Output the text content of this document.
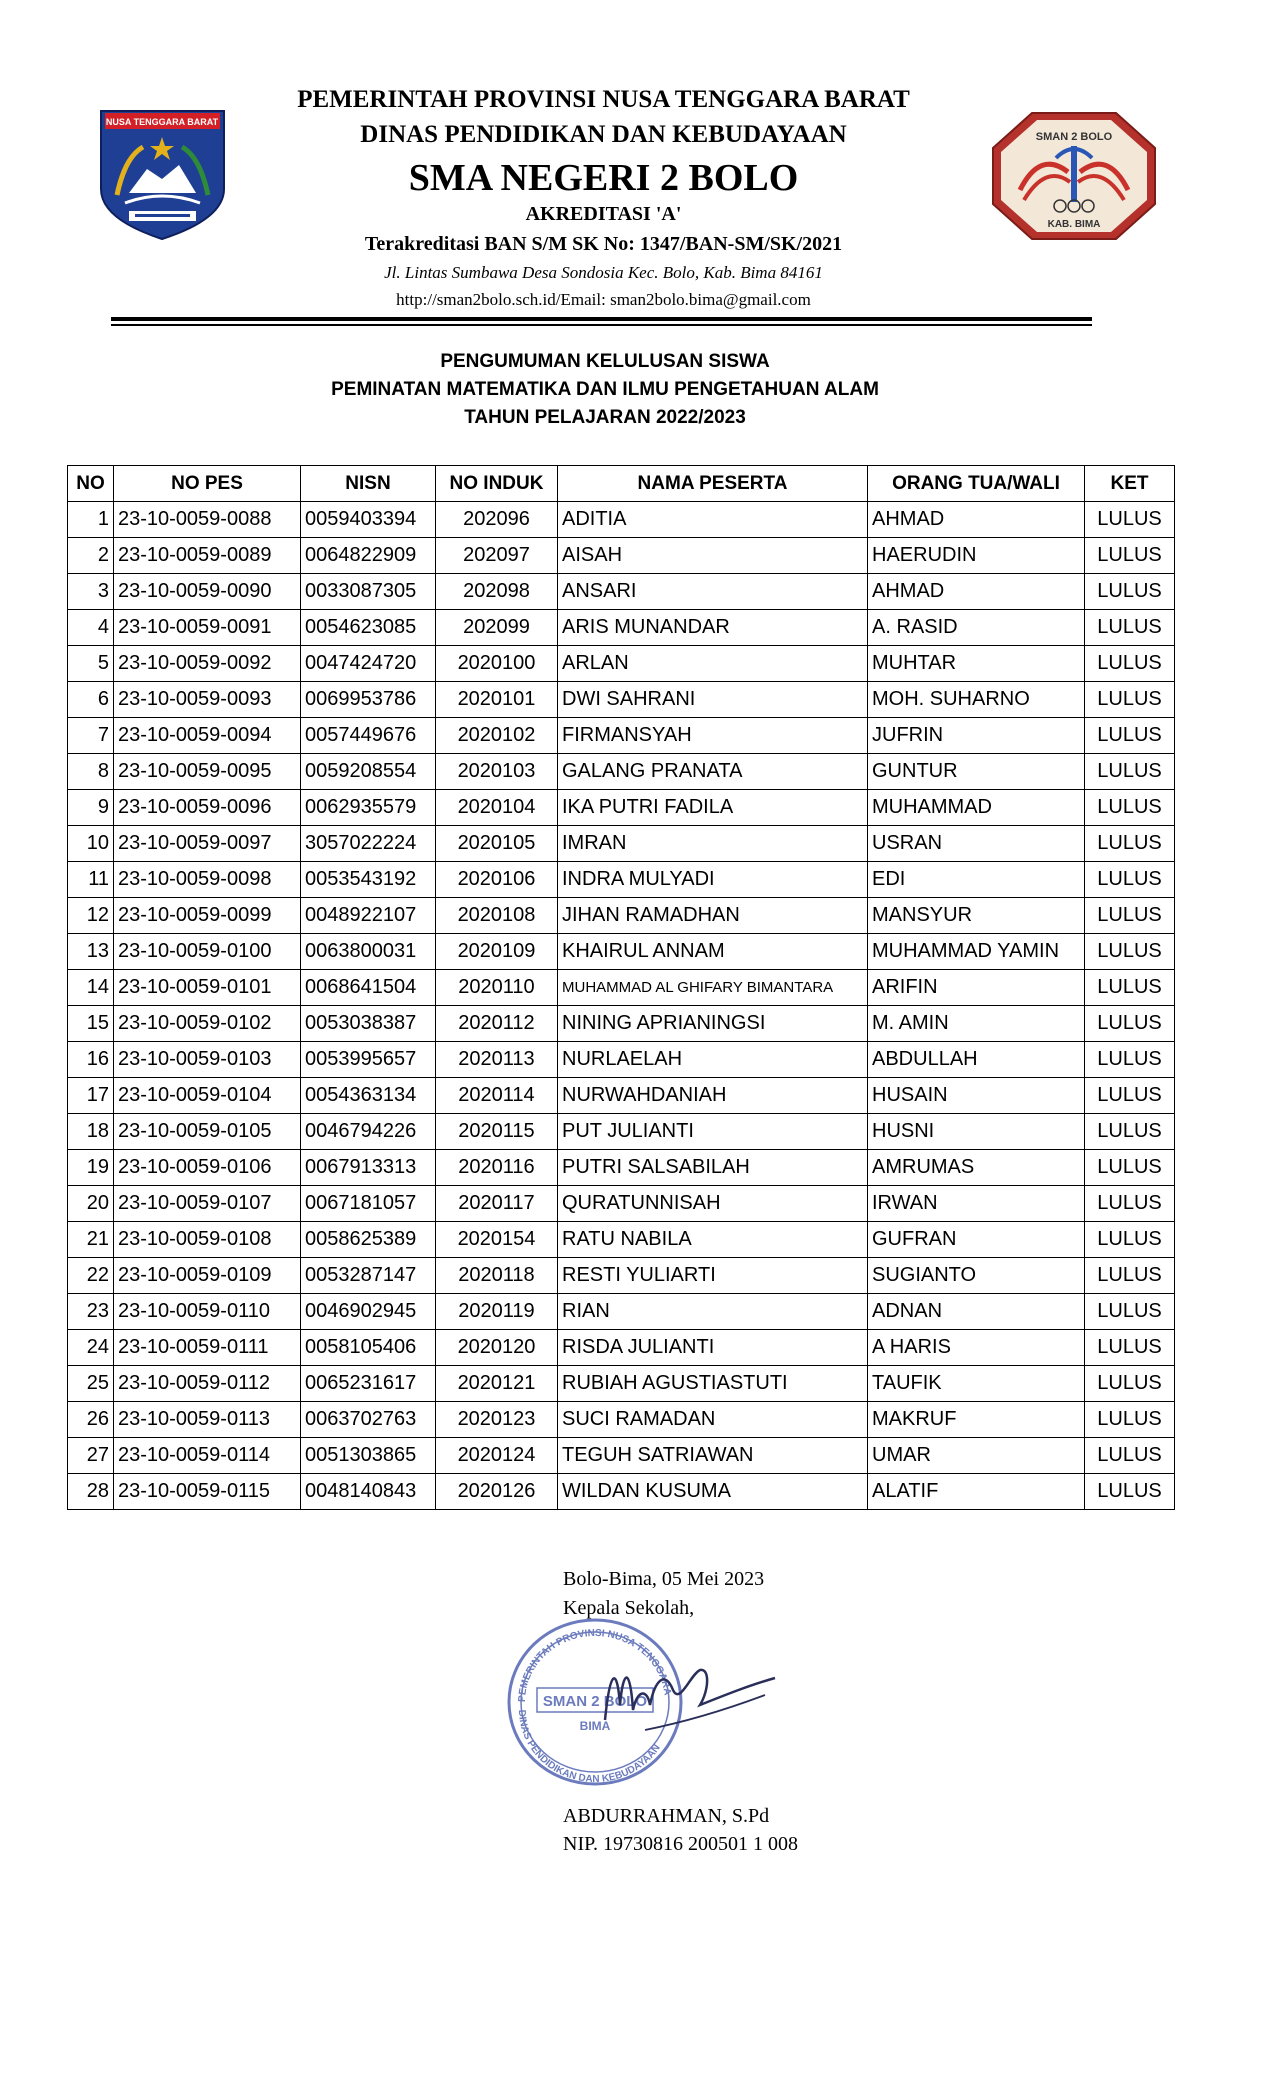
NUSA TENGGARA BARAT
SMAN 2 BOLO
KAB. BIMA
PEMERINTAH PROVINSI NUSA TENGGARA BARAT
DINAS PENDIDIKAN DAN KEBUDAYAAN
SMA NEGERI 2 BOLO
AKREDITASI 'A'
Terakreditasi BAN S/M SK No: 1347/BAN-SM/SK/2021
Jl. Lintas Sumbawa Desa Sondosia Kec. Bolo, Kab. Bima 84161
http://sman2bolo.sch.id/Email: sman2bolo.bima@gmail.com
PENGUMUMAN KELULUSAN SISWA
PEMINATAN MATEMATIKA DAN ILMU PENGETAHUAN ALAM
TAHUN PELAJARAN 2022/2023
NO	NO PES	NISN	NO INDUK	NAMA PESERTA	ORANG TUA/WALI	KET
1	23-10-0059-0088	0059403394	202096	ADITIA	AHMAD	LULUS
2	23-10-0059-0089	0064822909	202097	AISAH	HAERUDIN	LULUS
3	23-10-0059-0090	0033087305	202098	ANSARI	AHMAD	LULUS
4	23-10-0059-0091	0054623085	202099	ARIS MUNANDAR	A. RASID	LULUS
5	23-10-0059-0092	0047424720	2020100	ARLAN	MUHTAR	LULUS
6	23-10-0059-0093	0069953786	2020101	DWI SAHRANI	MOH. SUHARNO	LULUS
7	23-10-0059-0094	0057449676	2020102	FIRMANSYAH	JUFRIN	LULUS
8	23-10-0059-0095	0059208554	2020103	GALANG PRANATA	GUNTUR	LULUS
9	23-10-0059-0096	0062935579	2020104	IKA PUTRI FADILA	MUHAMMAD	LULUS
10	23-10-0059-0097	3057022224	2020105	IMRAN	USRAN	LULUS
11	23-10-0059-0098	0053543192	2020106	INDRA MULYADI	EDI	LULUS
12	23-10-0059-0099	0048922107	2020108	JIHAN RAMADHAN	MANSYUR	LULUS
13	23-10-0059-0100	0063800031	2020109	KHAIRUL ANNAM	MUHAMMAD YAMIN	LULUS
14	23-10-0059-0101	0068641504	2020110	MUHAMMAD AL GHIFARY BIMANTARA	ARIFIN	LULUS
15	23-10-0059-0102	0053038387	2020112	NINING APRIANINGSI	M. AMIN	LULUS
16	23-10-0059-0103	0053995657	2020113	NURLAELAH	ABDULLAH	LULUS
17	23-10-0059-0104	0054363134	2020114	NURWAHDANIAH	HUSAIN	LULUS
18	23-10-0059-0105	0046794226	2020115	PUT JULIANTI	HUSNI	LULUS
19	23-10-0059-0106	0067913313	2020116	PUTRI SALSABILAH	AMRUMAS	LULUS
20	23-10-0059-0107	0067181057	2020117	QURATUNNISAH	IRWAN	LULUS
21	23-10-0059-0108	0058625389	2020154	RATU NABILA	GUFRAN	LULUS
22	23-10-0059-0109	0053287147	2020118	RESTI YULIARTI	SUGIANTO	LULUS
23	23-10-0059-0110	0046902945	2020119	RIAN	ADNAN	LULUS
24	23-10-0059-0111	0058105406	2020120	RISDA JULIANTI	A HARIS	LULUS
25	23-10-0059-0112	0065231617	2020121	RUBIAH AGUSTIASTUTI	TAUFIK	LULUS
26	23-10-0059-0113	0063702763	2020123	SUCI RAMADAN	MAKRUF	LULUS
27	23-10-0059-0114	0051303865	2020124	TEGUH SATRIAWAN	UMAR	LULUS
28	23-10-0059-0115	0048140843	2020126	WILDAN KUSUMA	ALATIF	LULUS
Bolo-Bima, 05 Mei 2023
Kepala Sekolah,
PEMERINTAH PROVINSI NUSA TENGGARA
DINAS PENDIDIKAN DAN KEBUDAYAAN
SMAN 2 BOLO
BIMA
ABDURRAHMAN, S.Pd
NIP. 19730816 200501 1 008
